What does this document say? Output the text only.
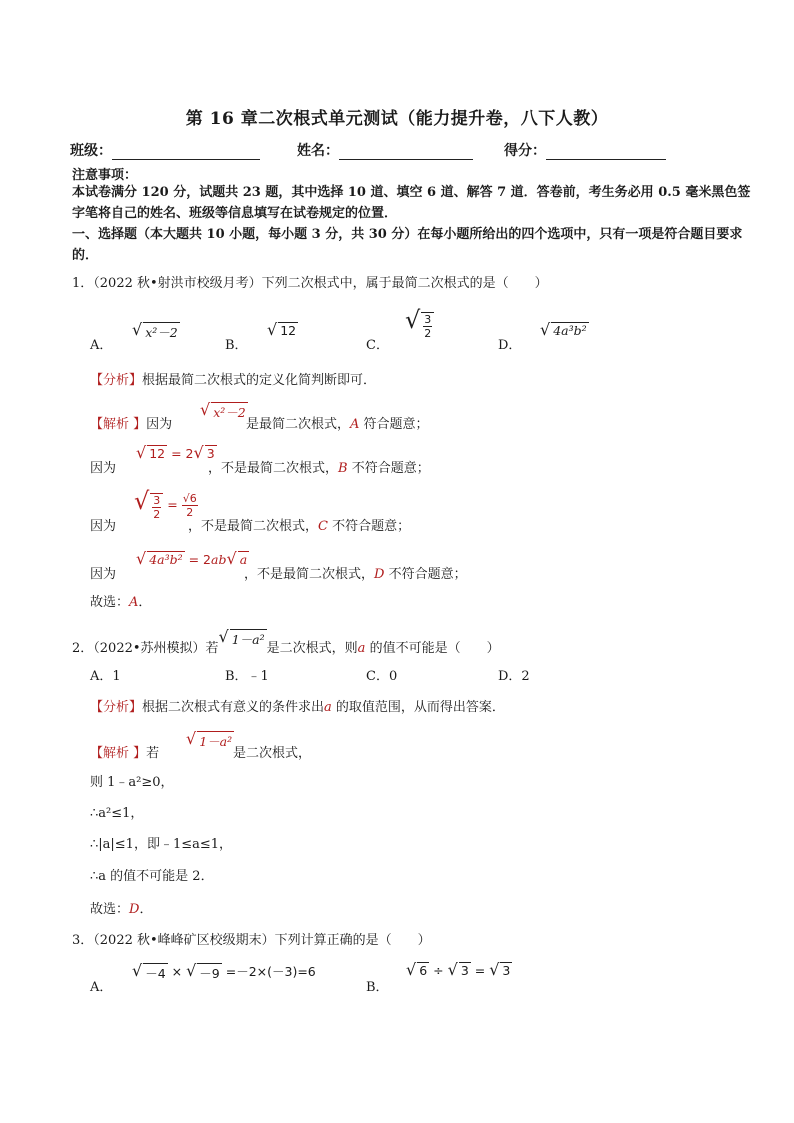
第 16 章二次根式单元测试（能力提升卷，八下人教）
班级：	姓名：	得分：
注意事项：
本试卷满分 120 分，试题共 23 题，其中选择 10 道、填空 6 道、解答 7 道．答卷前，考生务必用 0.5 毫米黑色签字笔将自己的姓名、班级等信息填写在试卷规定的位置．
一、选择题（本大题共 10 小题，每小题 3 分，共 30 分）在每小题所给出的四个选项中，只有一项是符合题目要求的．
1．（2022 秋•射洪市校级月考）下列二次根式中，属于最简二次根式的是（　　）
A．
√ x²－2
B．
√ 12
C．
√ $\frac{3}{2}$
D．
√ 4a³b²
【分析】根据最简二次根式的定义化简判断即可．
【解析 】因为
√ x²－2
是最简二次根式，A 符合题意；
因为
√ 12 = 2 √ 3
，不是最简二次根式，B 不符合题意；
因为
√ $\frac{3}{2} = \frac{√6}{2}$
，不是最简二次根式，C 不符合题意；
因为
√ 4a³b² = 2ab √ a
，不是最简二次根式，D 不符合题意；
故选：A．
2．（2022•苏州模拟）若
√ 1－a²
是二次根式，则a 的值不可能是（　　）
A．1	B．﹣1	C．0	D．2
【分析】根据二次根式有意义的条件求出a 的取值范围，从而得出答案．
【解析 】若
√ 1－a²
是二次根式，
则 1﹣a²≥0，
∴a²≤1，
∴|a|≤1，即﹣1≤a≤1，
∴a 的值不可能是 2．
故选：D．
3．（2022 秋•峰峰矿区校级期末）下列计算正确的是（　　）
A．
√ －4 × √ －9 =－2×(－3)=6
B．
√ 6 ÷ √ 3 = √ 3
